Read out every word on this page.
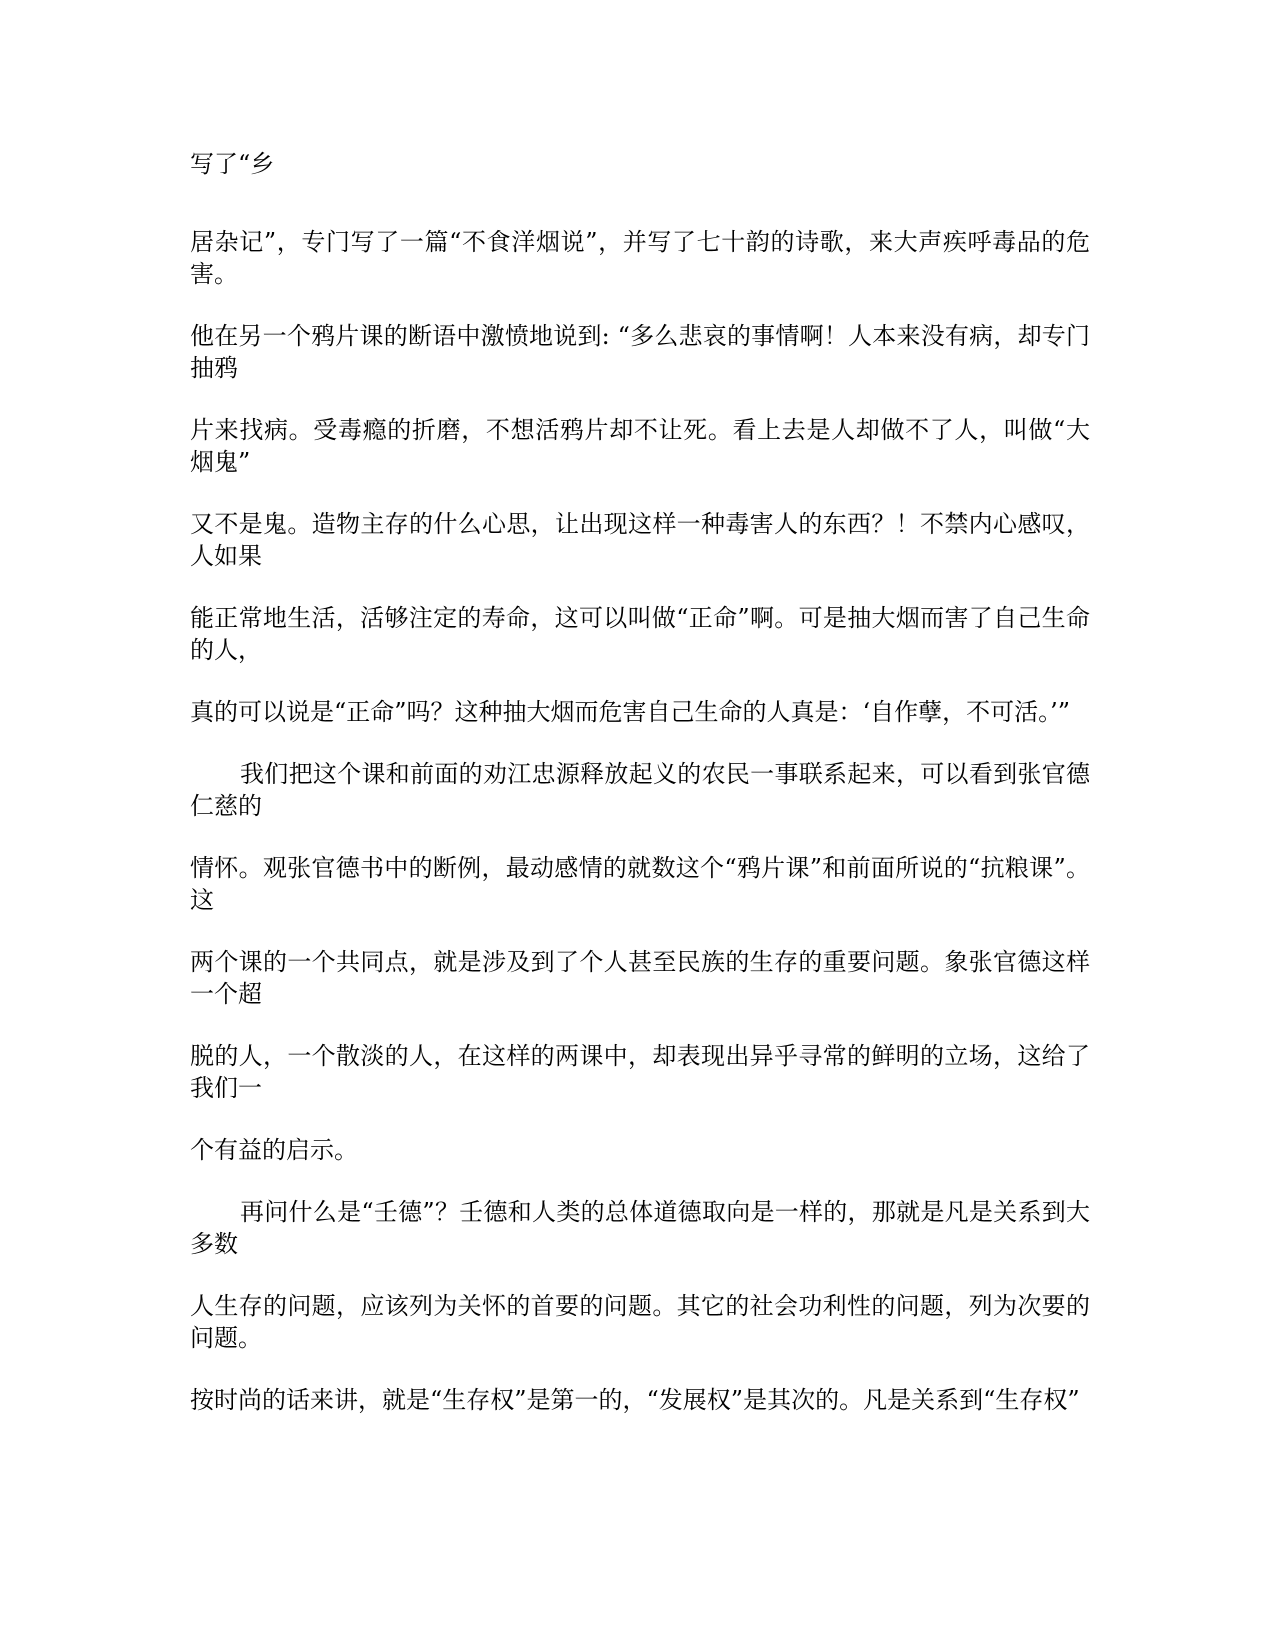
写了“乡

居杂记”，专门写了一篇“不食洋烟说”，并写了七十韵的诗歌，来大声疾呼毒品的危害。

他在另一个鸦片课的断语中激愤地说到: “多么悲哀的事情啊！人本来没有病，却专门抽鸦

片来找病。受毒瘾的折磨，不想活鸦片却不让死。看上去是人却做不了人，叫做“大烟鬼”

又不是鬼。造物主存的什么心思，让出现这样一种毒害人的东西？！不禁内心感叹，人如果

能正常地生活，活够注定的寿命，这可以叫做“正命”啊。可是抽大烟而害了自己生命的人，

真的可以说是“正命”吗？这种抽大烟而危害自己生命的人真是：‘自作孽，不可活。’”

我们把这个课和前面的劝江忠源释放起义的农民一事联系起来，可以看到张官德仁慈的

情怀。观张官德书中的断例，最动感情的就数这个“鸦片课”和前面所说的“抗粮课”。这

两个课的一个共同点，就是涉及到了个人甚至民族的生存的重要问题。象张官德这样一个超

脱的人，一个散淡的人，在这样的两课中，却表现出异乎寻常的鲜明的立场，这给了我们一

个有益的启示。

再问什么是“壬德”？壬德和人类的总体道德取向是一样的，那就是凡是关系到大多数

人生存的问题，应该列为关怀的首要的问题。其它的社会功利性的问题，列为次要的问题。

按时尚的话来讲，就是“生存权”是第一的，“发展权”是其次的。凡是关系到“生存权”
